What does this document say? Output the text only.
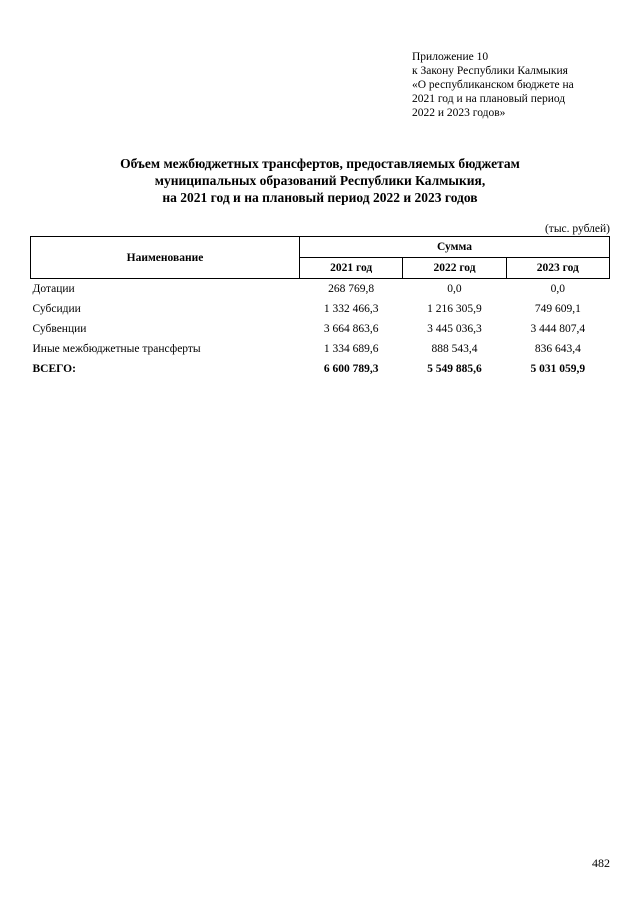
Приложение 10
к Закону Республики Калмыкия
«О республиканском бюджете на
2021 год и на плановый период
2022 и 2023 годов»
Объем межбюджетных трансфертов, предоставляемых бюджетам
муниципальных образований Республики Калмыкия,
на 2021 год и на плановый период 2022 и 2023 годов
(тыс. рублей)
Наименование	Сумма		
	2021 год	2022 год	2023 год
Дотации	268 769,8	0,0	0,0
Субсидии	1 332 466,3	1 216 305,9	749 609,1
Субвенции	3 664 863,6	3 445 036,3	3 444 807,4
Иные межбюджетные трансферты	1 334 689,6	888 543,4	836 643,4
ВСЕГО:	6 600 789,3	5 549 885,6	5 031 059,9
482
